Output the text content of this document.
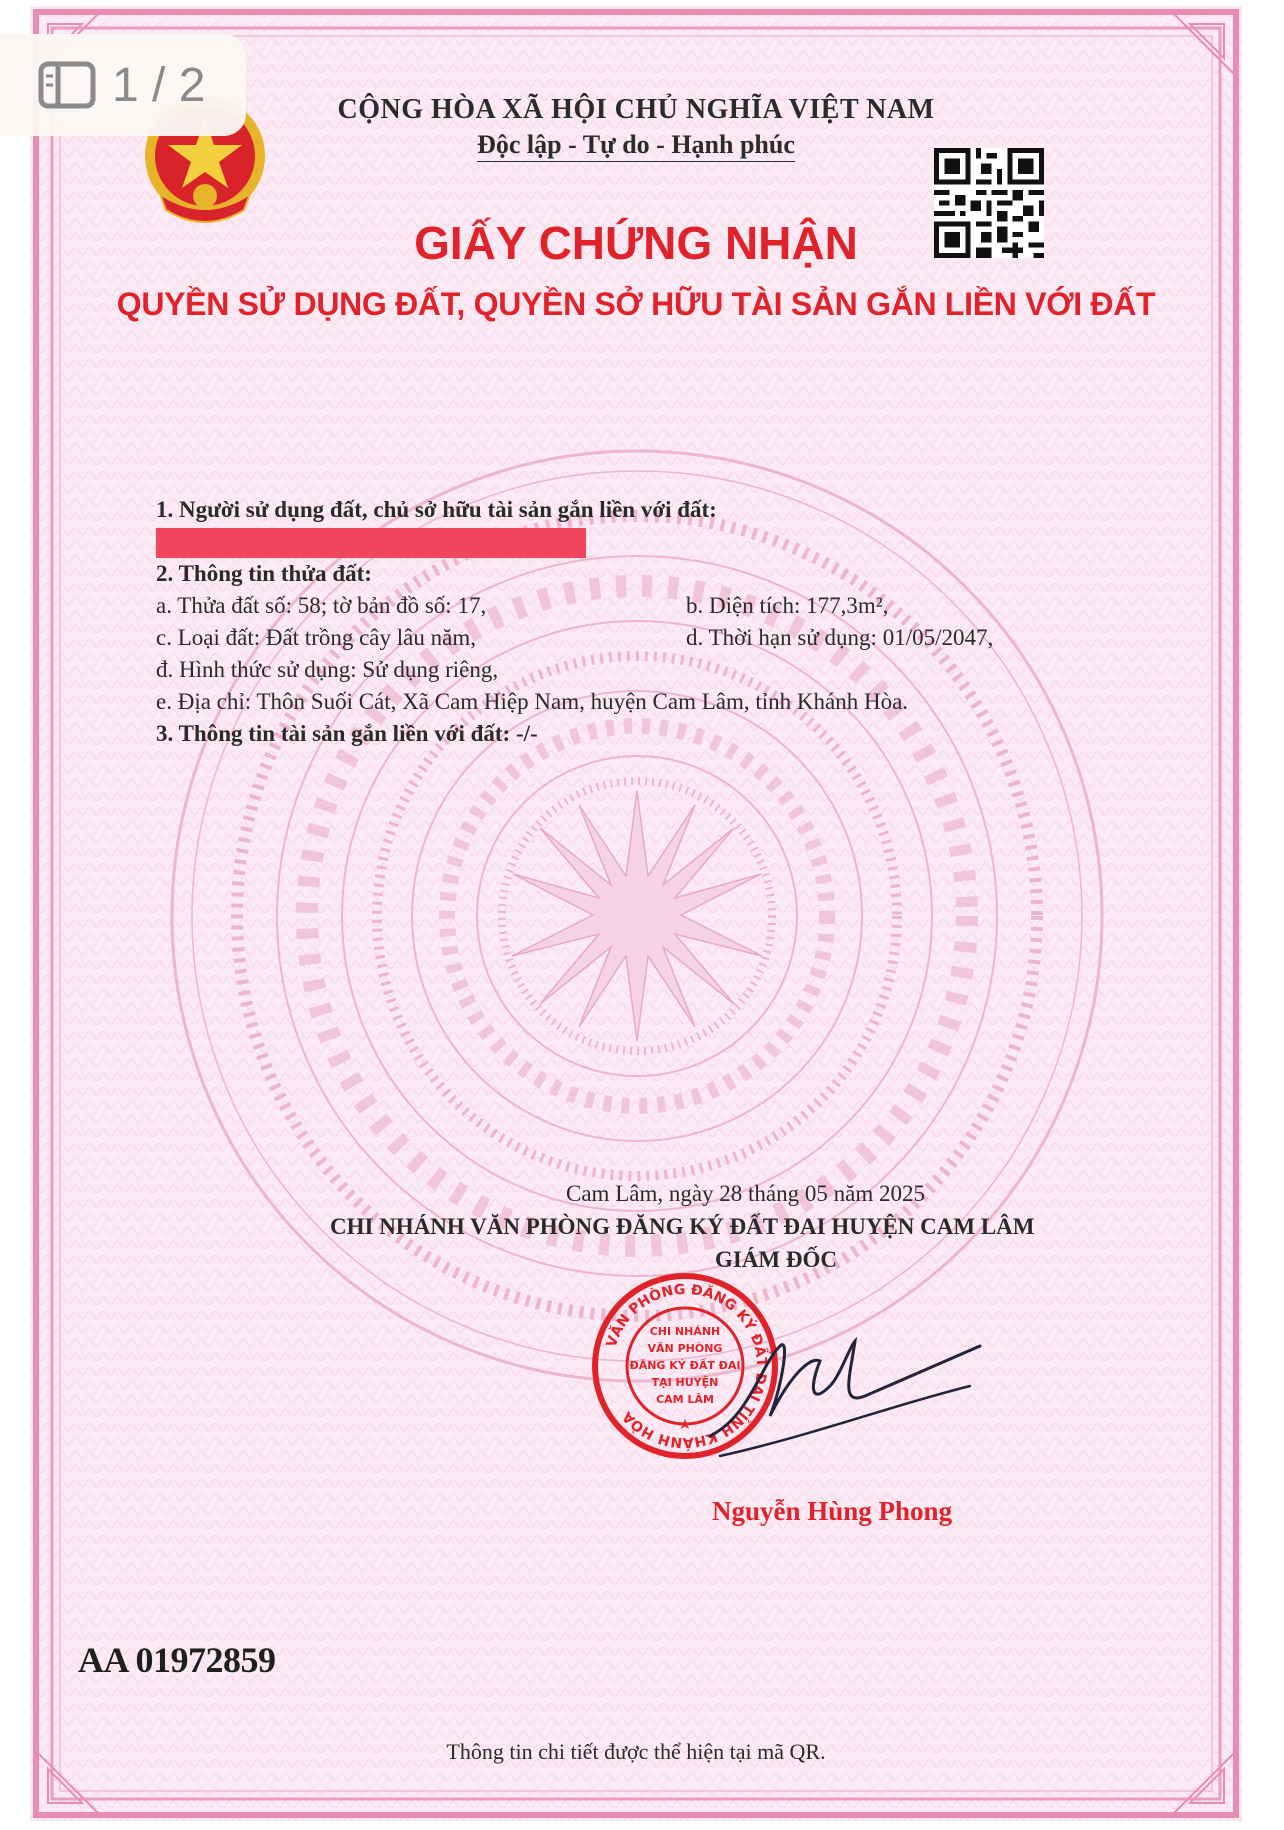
CỘNG HÒA XÃ HỘI CHỦ NGHĨA VIỆT NAM
Độc lập - Tự do - Hạnh phúc
GIẤY CHỨNG NHẬN
QUYỀN SỬ DỤNG ĐẤT, QUYỀN SỞ HỮU TÀI SẢN GẮN LIỀN VỚI ĐẤT
1. Người sử dụng đất, chủ sở hữu tài sản gắn liền với đất:
2. Thông tin thửa đất:
a. Thửa đất số: 58; tờ bản đồ số: 17,	b. Diện tích: 177,3m²,
c. Loại đất: Đất trồng cây lâu năm,	d. Thời hạn sử dụng: 01/05/2047,
đ. Hình thức sử dụng: Sử dụng riêng,
e. Địa chỉ: Thôn Suối Cát, Xã Cam Hiệp Nam, huyện Cam Lâm, tỉnh Khánh Hòa.
3. Thông tin tài sản gắn liền với đất: -/-
Cam Lâm, ngày 28 tháng 05 năm 2025
CHI NHÁNH VĂN PHÒNG ĐĂNG KÝ ĐẤT ĐAI HUYỆN CAM LÂM
GIÁM ĐỐC
VĂN PHÒNG ĐĂNG KÝ ĐẤT ĐAI TỈNH KHÁNH HÒA
CHI NHÁNH
VĂN PHÒNG
ĐĂNG KÝ ĐẤT ĐAI
TẠI HUYỆN
CAM LÂM
Nguyễn Hùng Phong
AA 01972859
Thông tin chi tiết được thể hiện tại mã QR.
1 / 2
